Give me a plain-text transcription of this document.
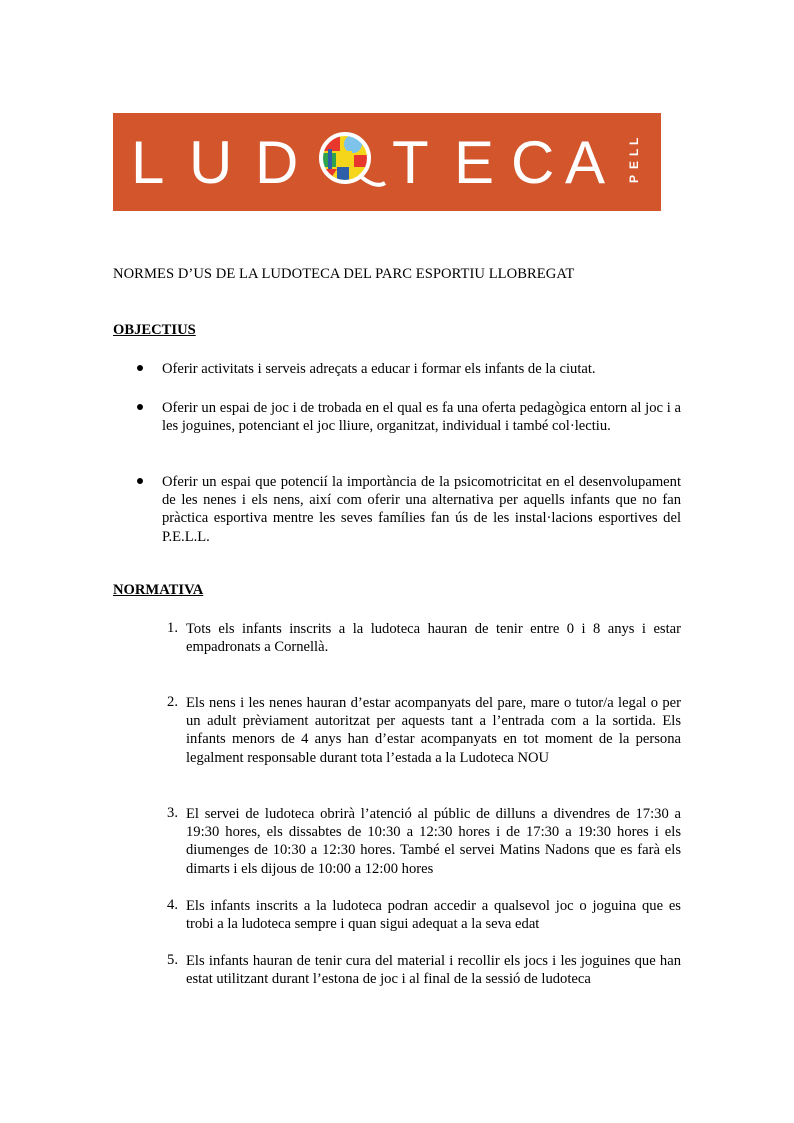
L U D T E C A P
E
L
L
NORMES D’US DE LA LUDOTECA DEL PARC ESPORTIU LLOBREGAT
OBJECTIUS
Oferir activitats i serveis adreçats a educar i formar els infants de la ciutat.
Oferir un espai de joc i de trobada en el qual es fa una oferta pedagògica entorn al joc i a les joguines, potenciant el joc lliure, organitzat, individual i també col·lectiu.
Oferir un espai que potencií la importància de la psicomotricitat en el desenvolupament de les nenes i els nens, així com oferir una alternativa per aquells infants que no fan pràctica esportiva mentre les seves famílies fan ús de les instal·lacions esportives del P.E.L.L.
NORMATIVA
1. Tots els infants inscrits a la ludoteca hauran de tenir entre 0 i 8 anys i estar empadronats a Cornellà.
2. Els nens i les nenes hauran d’estar acompanyats del pare, mare o tutor/a legal o per un adult prèviament autoritzat per aquests tant a l’entrada com a la sortida. Els infants menors de 4 anys han d’estar acompanyats en tot moment de la persona legalment responsable durant tota l’estada a la Ludoteca NOU
3. El servei de ludoteca obrirà l’atenció al públic de dilluns a divendres de 17:30 a 19:30 hores, els dissabtes de 10:30 a 12:30 hores i de 17:30 a 19:30 hores i els diumenges de 10:30 a 12:30 hores. També el servei Matins Nadons que es farà els dimarts i els dijous de 10:00 a 12:00 hores
4. Els infants inscrits a la ludoteca podran accedir a qualsevol joc o joguina que es trobi a la ludoteca sempre i quan sigui adequat a la seva edat
5. Els infants hauran de tenir cura del material i recollir els jocs i les joguines que han estat utilitzant durant l’estona de joc i al final de la sessió de ludoteca
